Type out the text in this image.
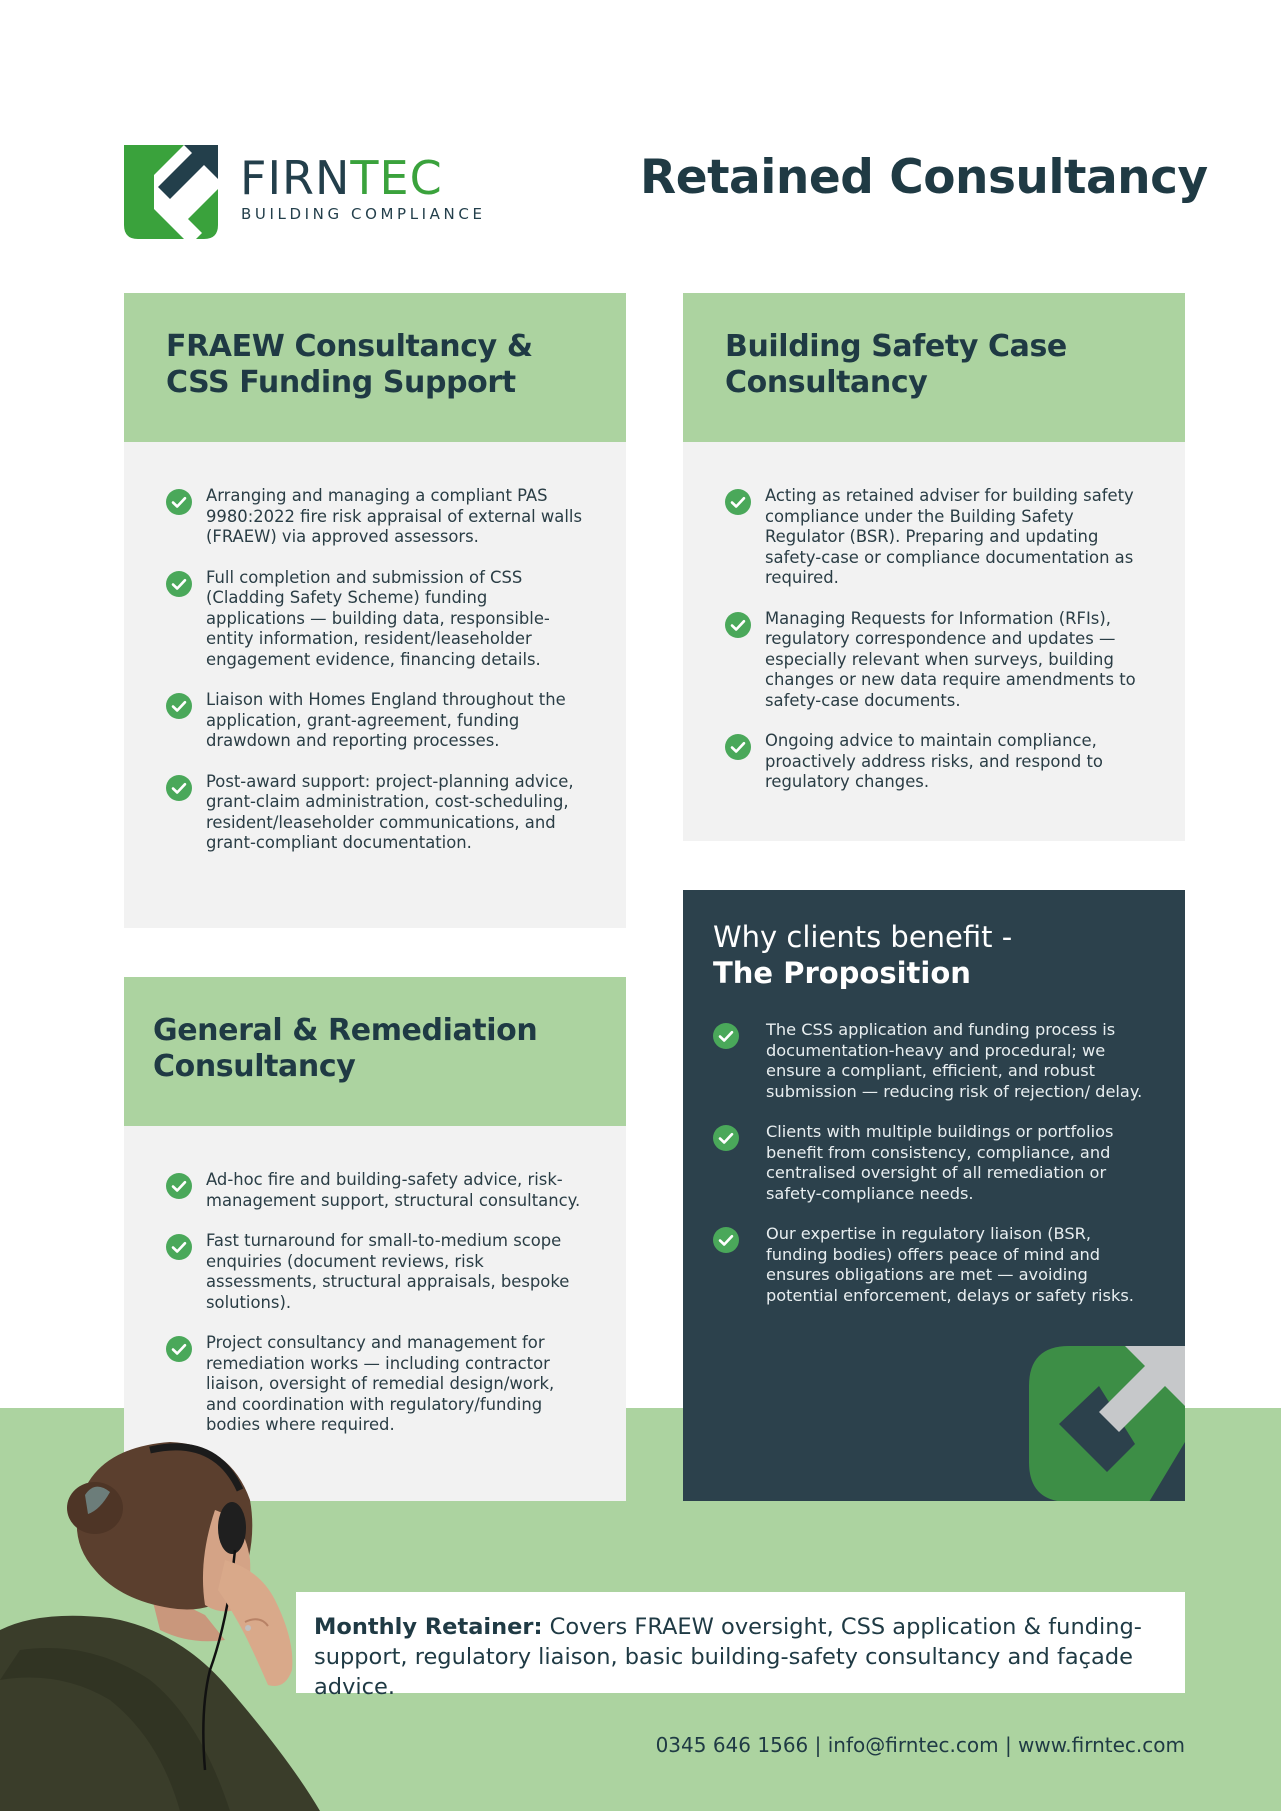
FIRNTEC
BUILDING COMPLIANCE
Retained Consultancy
FRAEW Consultancy &
CSS Funding Support
Arranging and managing a compliant PAS 9980:2022 fire risk appraisal of external walls (FRAEW) via approved assessors.
Full completion and submission of CSS (Cladding Safety Scheme) funding applications — building data, responsible-entity information, resident/leaseholder engagement evidence, financing details.
Liaison with Homes England throughout the application, grant-agreement, funding drawdown and reporting processes.
Post-award support: project-planning advice, grant-claim administration, cost-scheduling, resident/leaseholder communications, and grant-compliant documentation.
Building Safety Case
Consultancy
Acting as retained adviser for building safety compliance under the Building Safety Regulator (BSR). Preparing and updating safety-case or compliance documentation as required.
Managing Requests for Information (RFIs), regulatory correspondence and updates — especially relevant when surveys, building changes or new data require amendments to safety-case documents.
Ongoing advice to maintain compliance, proactively address risks, and respond to regulatory changes.
Why clients benefit -
The Proposition
The CSS application and funding process is documentation-heavy and procedural; we ensure a compliant, efficient, and robust submission — reducing risk of rejection/ delay.
Clients with multiple buildings or portfolios benefit from consistency, compliance, and centralised oversight of all remediation or safety-compliance needs.
Our expertise in regulatory liaison (BSR, funding bodies) offers peace of mind and ensures obligations are met — avoiding potential enforcement, delays or safety risks.
General & Remediation
Consultancy
Ad-hoc fire and building-safety advice, risk-management support, structural consultancy.
Fast turnaround for small-to-medium scope enquiries (document reviews, risk assessments, structural appraisals, bespoke solutions).
Project consultancy and management for remediation works — including contractor liaison, oversight of remedial design/work, and coordination with regulatory/funding bodies where required.
Monthly Retainer: Covers FRAEW oversight, CSS application & funding-support, regulatory liaison, basic building-safety consultancy and façade advice.
0345 646 1566 | info@firntec.com | www.firntec.com
